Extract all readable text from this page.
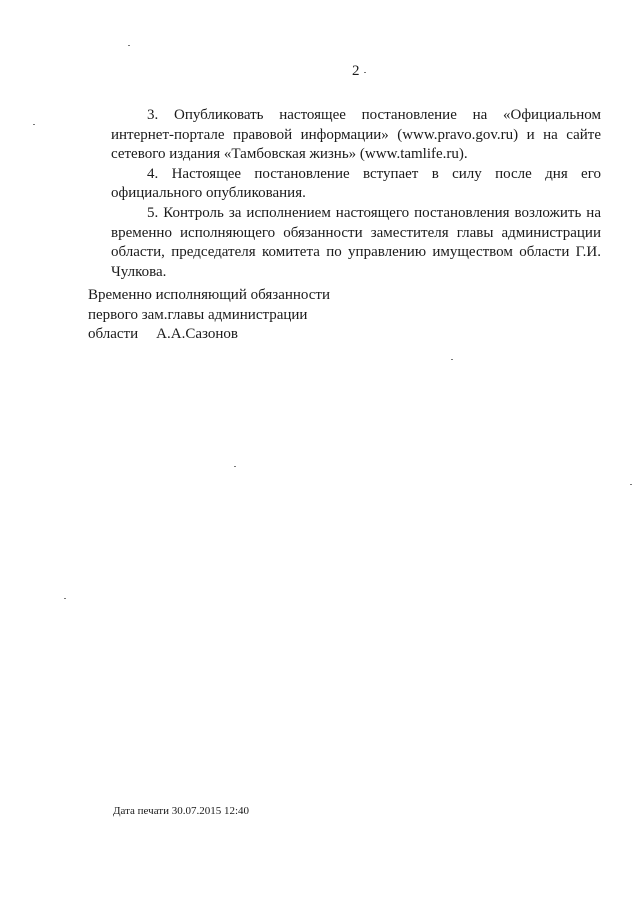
2

3. Опубликовать настоящее постановление на «Официальном интернет-портале правовой информации» (www.pravo.gov.ru) и на сайте сетевого издания «Тамбовская жизнь» (www.tamlife.ru).

4. Настоящее постановление вступает в силу после дня его официального опубликования.

5. Контроль за исполнением настоящего постановления возложить на временно исполняющего обязанности заместителя главы администрации области, председателя комитета по управлению имуществом области Г.И. Чулкова.

Временно исполняющий обязанности
первого зам.главы администрации
области А.А.Сазонов
Дата печати 30.07.2015 12:40
